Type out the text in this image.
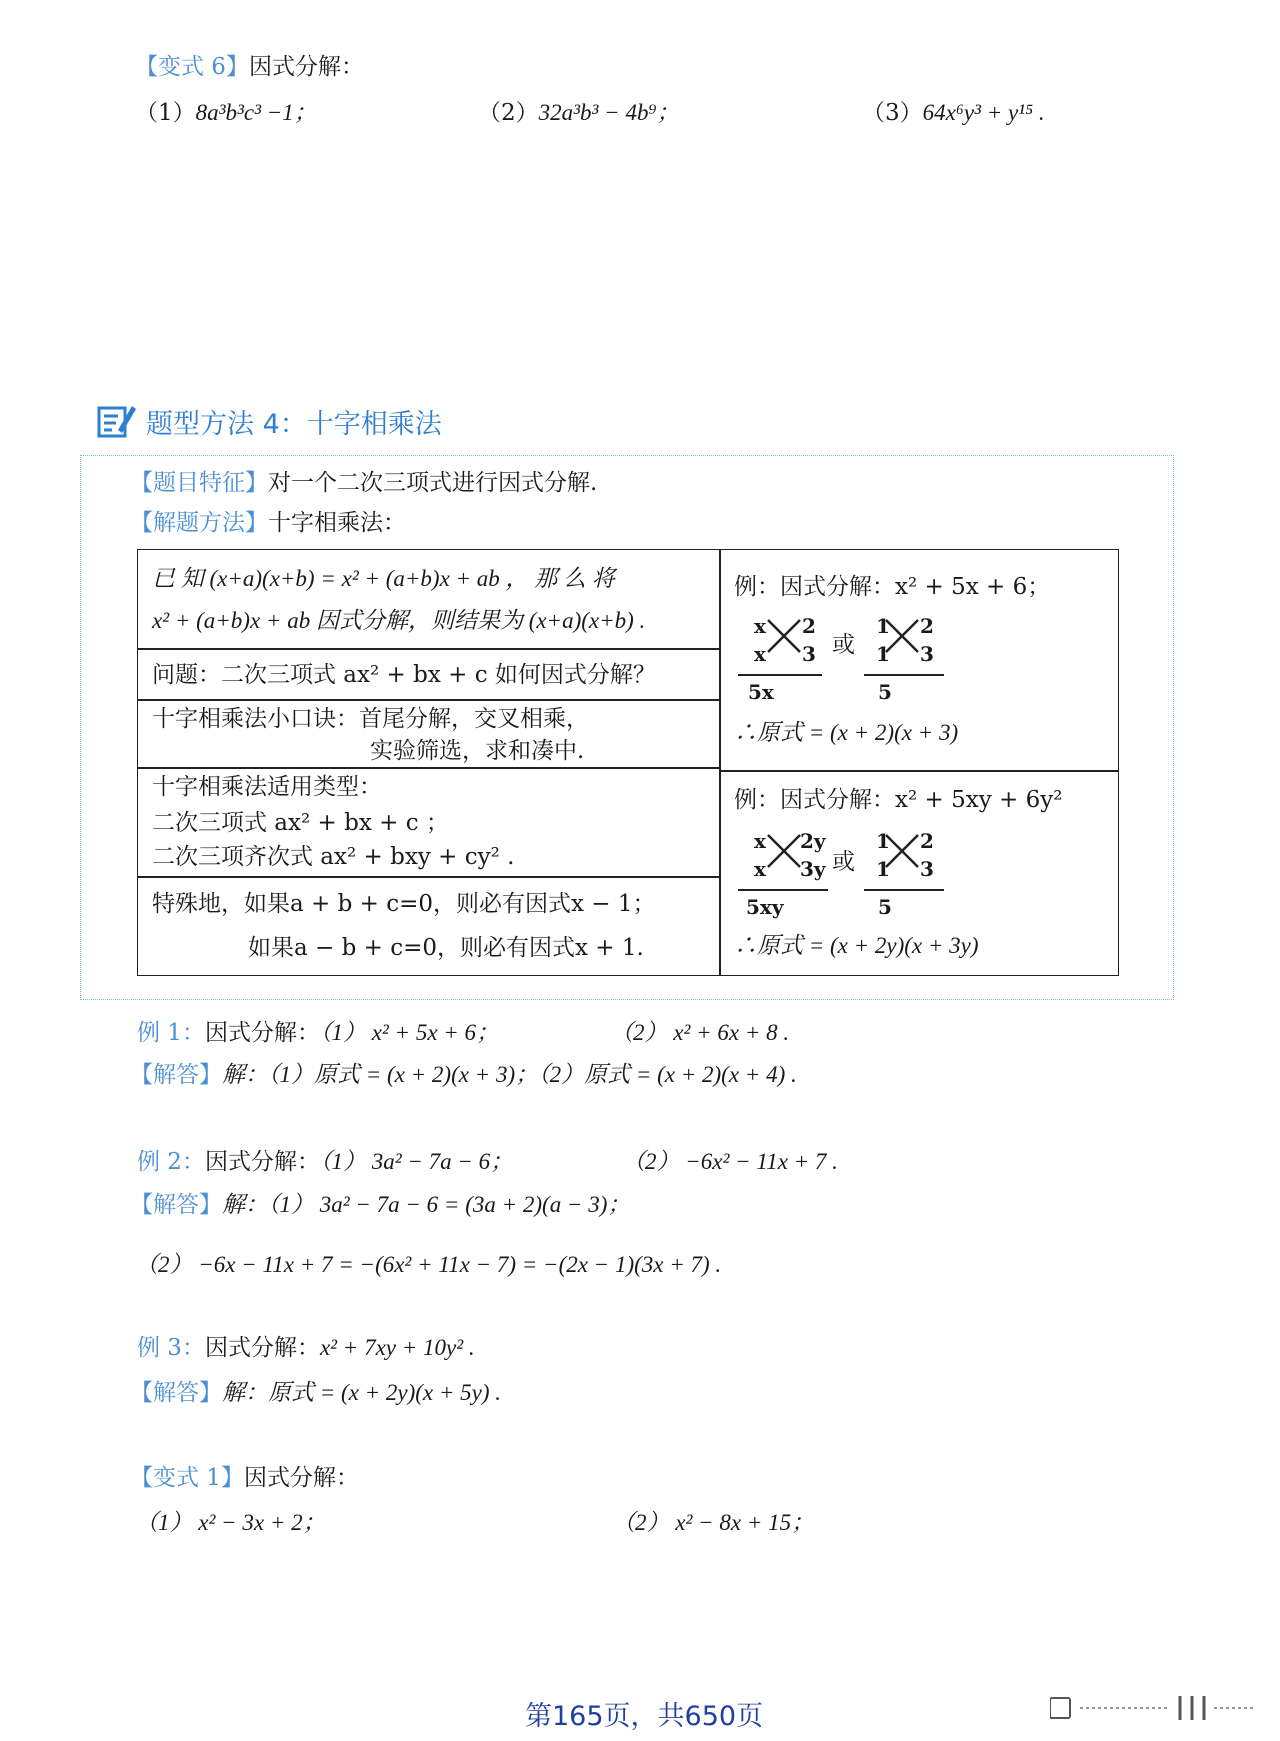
【变式 6】因式分解：
（1）8a³b³c³ −1；	（2）32a³b³ − 4b⁹；	（3）64x⁶y³ + y¹⁵ .
题型方法 4：十字相乘法
【题目特征】对一个二次三项式进行因式分解.
【解题方法】十字相乘法：
已 知 (x+a)(x+b) = x² + (a+b)x + ab ， 那 么 将
x² + (a+b)x + ab 因式分解，则结果为 (x+a)(x+b) .
问题：二次三项式 ax² + bx + c 如何因式分解？
十字相乘法小口诀：首尾分解，交叉相乘，
实验筛选，求和凑中.
十字相乘法适用类型：
二次三项式 ax² + bx + c ；
二次三项齐次式 ax² + bxy + cy² .
特殊地，如果a + b + c=0，则必有因式x − 1；
如果a − b + c=0，则必有因式x + 1.
例：因式分解：x² + 5x + 6；
x
x
2
3
5x
或
1
1
2
3
5
∴原式 = (x + 2)(x + 3)
例：因式分解：x² + 5xy + 6y²
x
x
2y
3y
5xy
或
1
1
2
3
5
∴原式 = (x + 2y)(x + 3y)
例 1：因式分解：（1） x² + 5x + 6；	（2） x² + 6x + 8 .
【解答】解：（1）原式 = (x + 2)(x + 3)；（2）原式 = (x + 2)(x + 4) .
例 2：因式分解：（1） 3a² − 7a − 6；	（2） −6x² − 11x + 7 .
【解答】解：（1） 3a² − 7a − 6 = (3a + 2)(a − 3)；
（2） −6x − 11x + 7 = −(6x² + 11x − 7) = −(2x − 1)(3x + 7) .
例 3：因式分解：x² + 7xy + 10y² .
【解答】解：原式 = (x + 2y)(x + 5y) .
【变式 1】因式分解：
（1） x² − 3x + 2；	（2） x² − 8x + 15；
第165页，共650页
